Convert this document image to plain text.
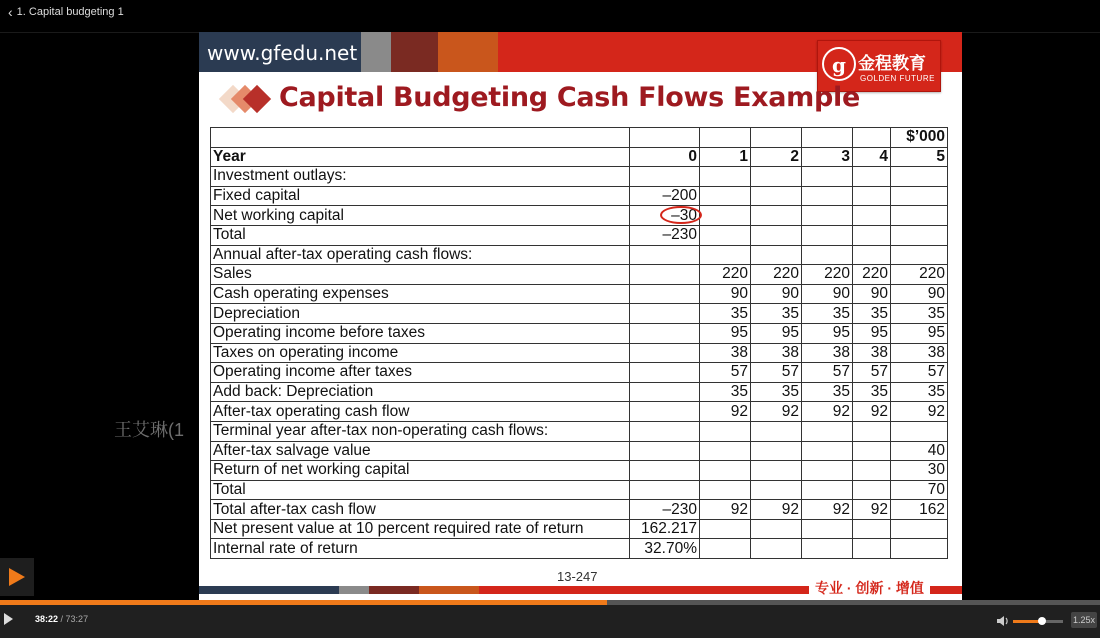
‹ 1. Capital budgeting 1
www.gfedu.net	g 金程教育
GOLDEN FUTURE
Capital Budgeting Cash Flows Example
						$’000
Year	0	1	2	3	4	5
Investment outlays:						
Fixed capital	–200					
Net working capital	–30					
Total	–230					
Annual after-tax operating cash flows:						
Sales		220	220	220	220	220
Cash operating expenses		90	90	90	90	90
Depreciation		35	35	35	35	35
Operating income before taxes		95	95	95	95	95
Taxes on operating income		38	38	38	38	38
Operating income after taxes		57	57	57	57	57
Add back: Depreciation		35	35	35	35	35
After-tax operating cash flow		92	92	92	92	92
Terminal year after-tax non-operating cash flows:						
After-tax salvage value						40
Return of net working capital						30
Total						70
Total after-tax cash flow	–230	92	92	92	92	162
Net present value at 10 percent required rate of return	162.217					
Internal rate of return	32.70%					
13-247
专业 · 创新 · 增值
王艾琳(1
38:22 / 73:27	1.25x
